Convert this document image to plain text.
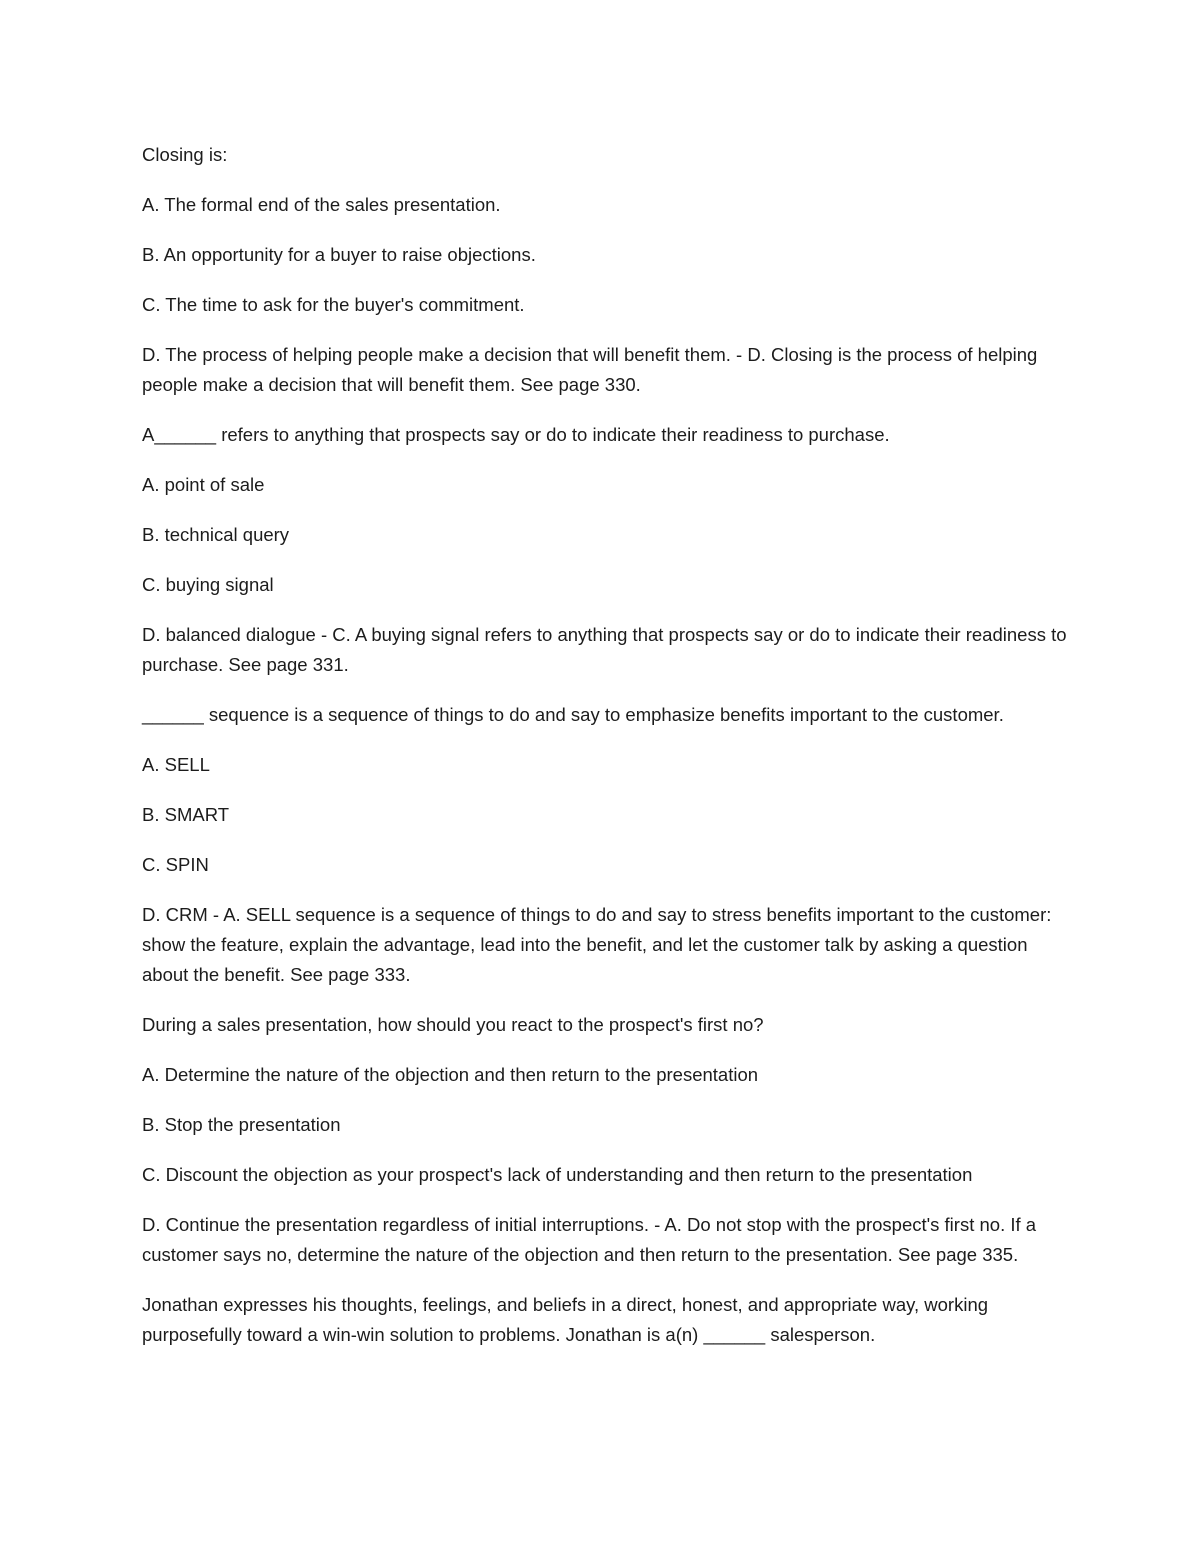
Closing is:

A. The formal end of the sales presentation.

B. An opportunity for a buyer to raise objections.

C. The time to ask for the buyer's commitment.

D. The process of helping people make a decision that will benefit them. - D. Closing is the process of helping people make a decision that will benefit them. See page 330.

A______ refers to anything that prospects say or do to indicate their readiness to purchase.

A. point of sale

B. technical query

C. buying signal

D. balanced dialogue - C. A buying signal refers to anything that prospects say or do to indicate their readiness to purchase. See page 331.

______ sequence is a sequence of things to do and say to emphasize benefits important to the customer.

A. SELL

B. SMART

C. SPIN

D. CRM - A. SELL sequence is a sequence of things to do and say to stress benefits important to the customer: show the feature, explain the advantage, lead into the benefit, and let the customer talk by asking a question about the benefit. See page 333.

During a sales presentation, how should you react to the prospect's first no?

A. Determine the nature of the objection and then return to the presentation

B. Stop the presentation

C. Discount the objection as your prospect's lack of understanding and then return to the presentation

D. Continue the presentation regardless of initial interruptions. - A. Do not stop with the prospect's first no. If a customer says no, determine the nature of the objection and then return to the presentation. See page 335.

Jonathan expresses his thoughts, feelings, and beliefs in a direct, honest, and appropriate way, working purposefully toward a win-win solution to problems. Jonathan is a(n) ______ salesperson.
